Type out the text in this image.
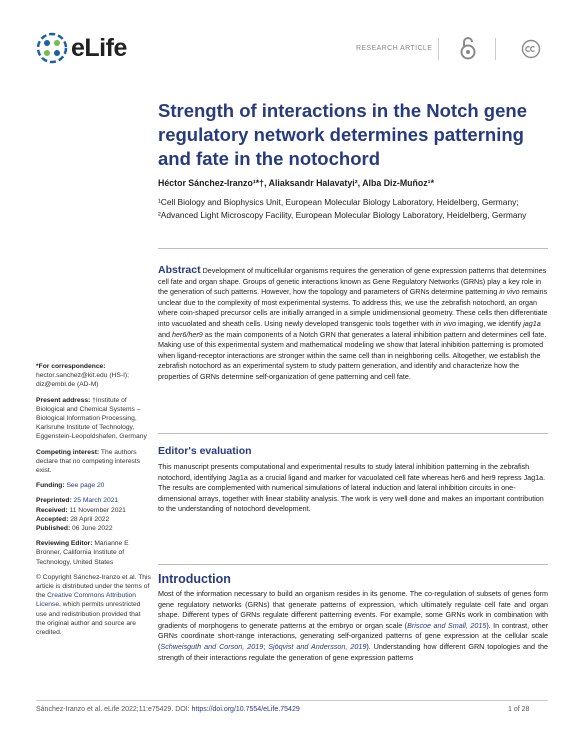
eLife	RESEARCH ARTICLE
Strength of interactions in the Notch gene regulatory network determines patterning and fate in the notochord
Héctor Sánchez-Iranzo¹*†, Aliaksandr Halavatyi², Alba Diz-Muñoz¹*
¹Cell Biology and Biophysics Unit, European Molecular Biology Laboratory, Heidelberg, Germany; ²Advanced Light Microscopy Facility, European Molecular Biology Laboratory, Heidelberg, Germany
Abstract Development of multicellular organisms requires the generation of gene expression patterns that determines cell fate and organ shape. Groups of genetic interactions known as Gene Regulatory Networks (GRNs) play a key role in the generation of such patterns. However, how the topology and parameters of GRNs determine patterning in vivo remains unclear due to the complexity of most experimental systems. To address this, we use the zebrafish notochord, an organ where coin-shaped precursor cells are initially arranged in a simple unidimensional geometry. These cells then differentiate into vacuolated and sheath cells. Using newly developed transgenic tools together with in vivo imaging, we identify jag1a and her6/her9 as the main components of a Notch GRN that generates a lateral inhibition pattern and determines cell fate. Making use of this experimental system and mathematical modeling we show that lateral inhibition patterning is promoted when ligand-receptor interactions are stronger within the same cell than in neighboring cells. Altogether, we establish the zebrafish notochord as an experimental system to study pattern generation, and identify and characterize how the properties of GRNs determine self-organization of gene patterning and cell fate.
Editor's evaluation
This manuscript presents computational and experimental results to study lateral inhibition patterning in the zebrafish notochord, identifying Jag1a as a crucial ligand and marker for vacuolated cell fate whereas her6 and her9 repress Jag1a. The results are complemented with numerical simulations of lateral induction and lateral inhibition circuits in one-dimensional arrays, together with linear stability analysis. The work is very well done and makes an important contribution to the understanding of notochord development.
Introduction
Most of the information necessary to build an organism resides in its genome. The co-regulation of subsets of genes form gene regulatory networks (GRNs) that generate patterns of expression, which ultimately regulate cell fate and organ shape. Different types of GRNs regulate different patterning events. For example, some GRNs work in combination with gradients of morphogens to generate patterns at the embryo or organ scale (Briscoe and Small, 2015). In contrast, other GRNs coordinate short-range interactions, generating self-organized patterns of gene expression at the cellular scale (Schweisguth and Corson, 2019; Sjöqvist and Andersson, 2019). Understanding how different GRN topologies and the strength of their interactions regulate the generation of gene expression patterns
*For correspondence:
hector.sanchez@kit.edu (HS-I); diz@embl.de (AD-M)
Present address: †Institute of Biological and Chemical Systems – Biological Information Processing, Karlsruhe Institute of Technology, Eggenstein-Leopoldshafen, Germany
Competing interest: The authors declare that no competing interests exist.
Funding: See page 20
Preprinted: 25 March 2021
Received: 11 November 2021
Accepted: 28 April 2022
Published: 06 June 2022
Reviewing Editor: Marianne E Bronner, California Institute of Technology, United States
© Copyright Sánchez-Iranzo et al. This article is distributed under the terms of the Creative Commons Attribution License, which permits unrestricted use and redistribution provided that the original author and source are credited.
Sánchez-Iranzo et al. eLife 2022;11:e75429. DOI: https://doi.org/10.7554/eLife.75429	1 of 28
